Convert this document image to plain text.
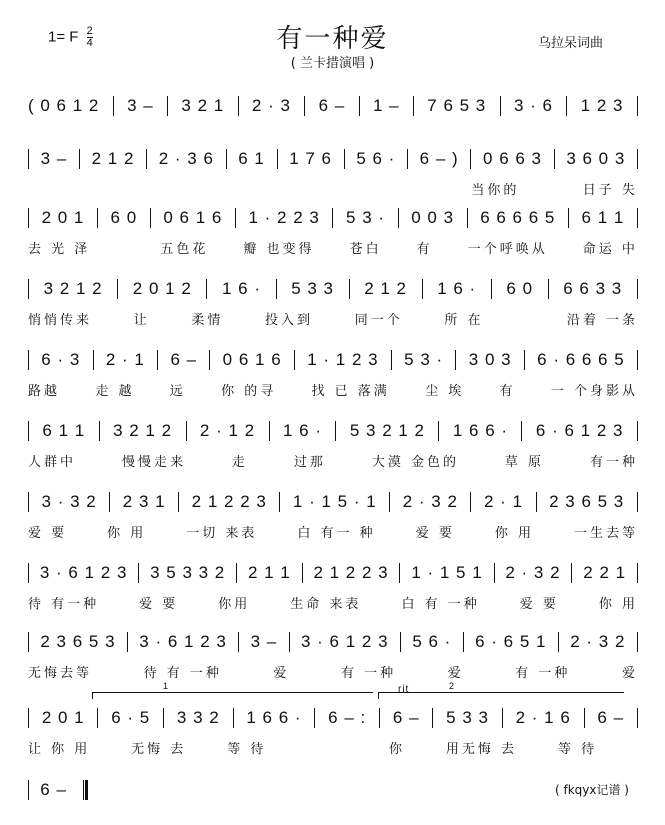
1= F $\frac{2}{4}$	有一种爱
( 兰卡措演唱 )
乌拉呆词曲
( 0 6 1 2 3 – 3 2 1 2 · 3 6 – 1 – 7 6 5 3 3 · 6 1 2 3
3 – 2 1 2 2 · 3 6 6 1 1 7 6 5 6 · 6 – ) 0 6 6 3 3 6 0 3
当你的	日子 失
2 0 1 6 0 0 6 1 6 1 · 2 2 3 5 3 · 0 0 3 6 6 6 6 5 6 1 1
去 光 泽	五色花	瓣 也变得	苍白	有	一个呼唤从	命运 中
3 2 1 2 2 0 1 2 1 6 · 5 3 3 2 1 2 1 6 · 6 0 6 6 3 3
悄悄传来	让	柔情	投入到	同一个	所 在	沿着 一条
6 · 3 2 · 1 6 – 0 6 1 6 1 · 1 2 3 5 3 · 3 0 3 6 · 6 6 6 5
路越	走 越	远	你 的寻	找 已 落满	尘 埃	有	一 个身影从
6 1 1 3 2 1 2 2 · 1 2 1 6 · 5 3 2 1 2 1 6 6 · 6 · 6 1 2 3
人群中	慢慢走来	走	过那	大漠 金色的	草 原	有一种
3 · 3 2 2 3 1 2 1 2 2 3 1 · 1 5 · 1 2 · 3 2 2 · 1 2 3 6 5 3
爱 要	你 用	一切 来表	白 有一 种	爱 要	你 用	一生去等
3 · 6 1 2 3 3 5 3 3 2 2 1 1 2 1 2 2 3 1 · 1 5 1 2 · 3 2 2 2 1
待 有一种	爱 要	你用	生命 来表	白 有 一种	爱 要	你 用
2 3 6 5 3 3 · 6 1 2 3 3 – 3 · 6 1 2 3 5 6 · 6 · 6 5 1 2 · 3 2
无悔去等	待 有 一种	爱	有 一种	爱	有 一种	爱
2 0 1 6 · 5 3 3 2 1 6 6 · 6 – : 6 – 5 3 3 2 · 1 6 6 –
让 你 用	无悔 去	等 待	你	用无悔 去	等 待
6 –
1	2
rit
( fkqyx记谱 )
